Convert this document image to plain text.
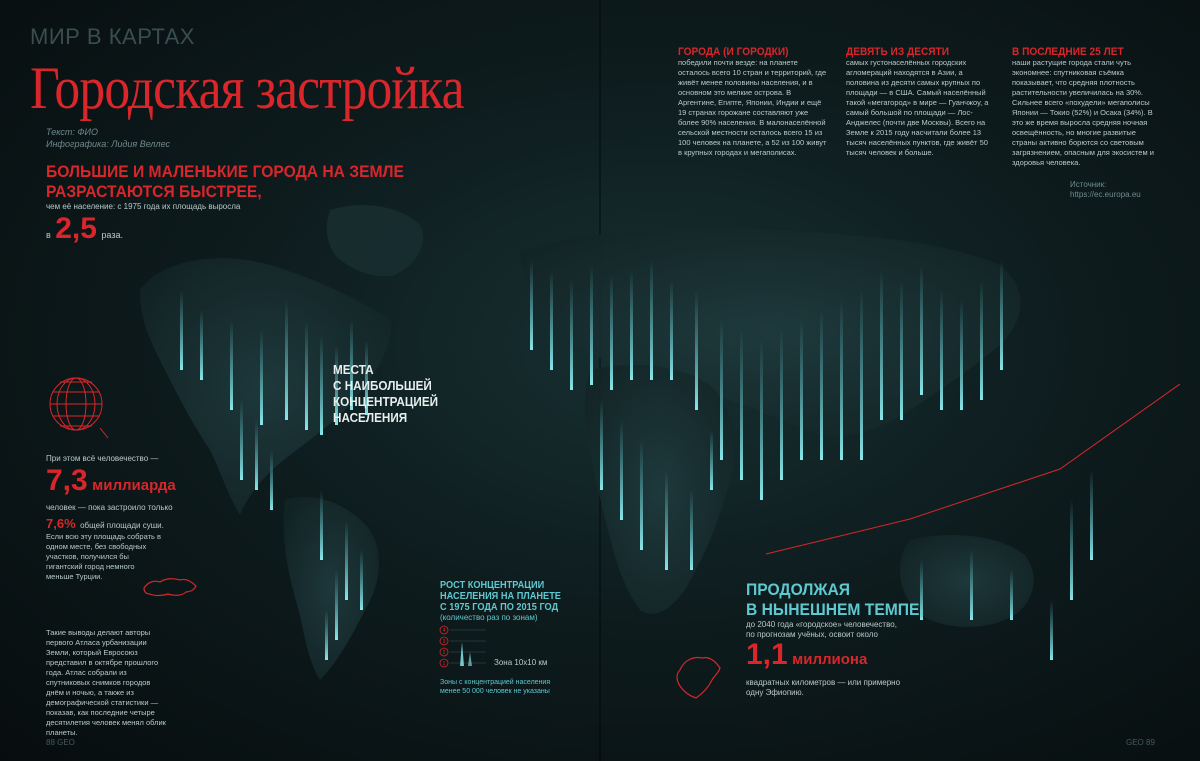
МИР В КАРТАХ
Городская застройка
Текст: ФИО
Инфографика: Лидия Веллес
БОЛЬШИЕ И МАЛЕНЬКИЕ ГОРОДА НА ЗЕМЛЕ
РАЗРАСТАЮТСЯ БЫСТРЕЕ,
чем её население: с 1975 года их площадь выросла
в 2,5 раза.
ГОРОДА (И ГОРОДКИ)
победили почти везде: на планете осталось всего 10 стран и территорий, где живёт менее половины населения, и в основном это мелкие острова. В Аргентине, Египте, Японии, Индии и ещё 19 странах горожане составляют уже более 90% населения. В малонаселённой сельской местности осталось всего 15 из 100 человек на планете, а 52 из 100 живут в крупных городах и мегаполисах.
ДЕВЯТЬ ИЗ ДЕСЯТИ
самых густонаселённых городских агломераций находятся в Азии, а половина из десяти самых крупных по площади — в США. Самый населённый такой «мегагород» в мире — Гуанчжоу, а самый большой по площади — Лос-Анджелес (почти две Москвы). Всего на Земле к 2015 году насчитали более 13 тысяч населённых пунктов, где живёт 50 тысяч человек и больше.
В ПОСЛЕДНИЕ 25 ЛЕТ
наши растущие города стали чуть экономнее: спутниковая съёмка показывает, что средняя плотность растительности увеличилась на 30%. Сильнее всего «похудели» мегаполисы Японии — Токио (52%) и Осака (34%). В это же время выросла средняя ночная освещённость, но многие развитые страны активно борются со световым загрязнением, опасным для экосистем и здоровья человека.
Источник:
https://ec.europa.eu
МЕСТА
С НАИБОЛЬШЕЙ
КОНЦЕНТРАЦИЕЙ
НАСЕЛЕНИЯ
При этом всё человечество —
7,3 миллиарда
человек — пока застроило только
7,6% общей площади суши.
Если всю эту площадь собрать в одном месте, без свободных участков, получился бы гигантский город немного меньше Турции.
Такие выводы делают авторы первого Атласа урбанизации Земли, который Евросоюз представил в октябре прошлого года. Атлас собрали из спутниковых снимков городов днём и ночью, а также из демографической статистики — показав, как последние четыре десятилетия человек менял облик планеты.
РОСТ КОНЦЕНТРАЦИИ
НАСЕЛЕНИЯ НА ПЛАНЕТЕ
С 1975 ГОДА ПО 2015 ГОД
(количество раз по зонам)
4
3
2
1	Зона 10х10 км
Зоны с концентрацией населения менее 50 000 человек не указаны
ПРОДОЛЖАЯ
В НЫНЕШНЕМ ТЕМПЕ,
до 2040 года «городское» человечество, по прогнозам учёных, освоит около
1,1 миллиона
квадратных километров — или примерно одну Эфиопию.
88 GEO	GEO 89
